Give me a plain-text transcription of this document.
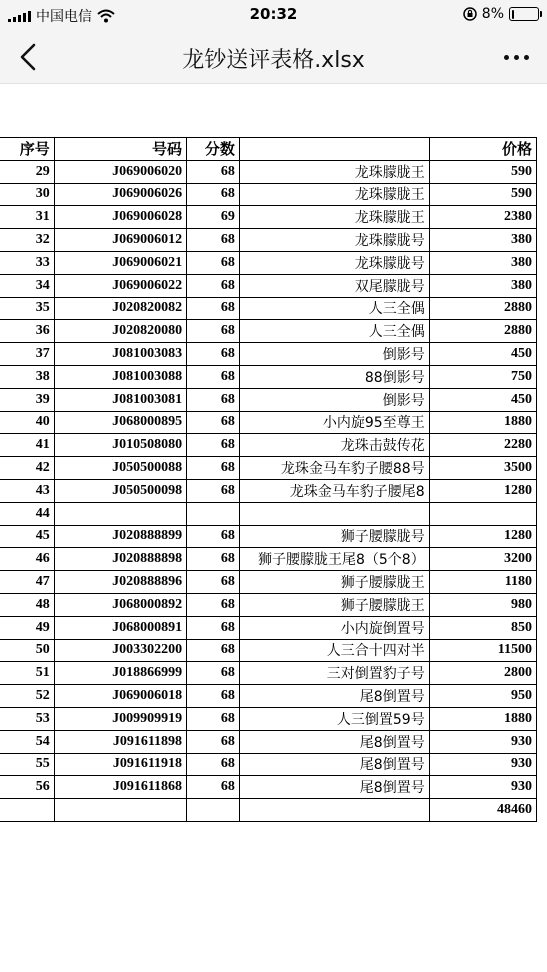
中国电信	20:32	8%
龙钞送评表格.xlsx
序号	号码	分数		价格
29	J069006020	68	龙珠朦胧王	590
30	J069006026	68	龙珠朦胧王	590
31	J069006028	69	龙珠朦胧王	2380
32	J069006012	68	龙珠朦胧号	380
33	J069006021	68	龙珠朦胧号	380
34	J069006022	68	双尾朦胧号	380
35	J020820082	68	人三全偶	2880
36	J020820080	68	人三全偶	2880
37	J081003083	68	倒影号	450
38	J081003088	68	88倒影号	750
39	J081003081	68	倒影号	450
40	J068000895	68	小内旋95至尊王	1880
41	J010508080	68	龙珠击鼓传花	2280
42	J050500088	68	龙珠金马车豹子腰88号	3500
43	J050500098	68	龙珠金马车豹子腰尾8	1280
44				
45	J020888899	68	狮子腰朦胧号	1280
46	J020888898	68	狮子腰朦胧王尾8（5个8）	3200
47	J020888896	68	狮子腰朦胧王	1180
48	J068000892	68	狮子腰朦胧王	980
49	J068000891	68	小内旋倒置号	850
50	J003302200	68	人三合十四对半	11500
51	J018866999	68	三对倒置豹子号	2800
52	J069006018	68	尾8倒置号	950
53	J009909919	68	人三倒置59号	1880
54	J091611898	68	尾8倒置号	930
55	J091611918	68	尾8倒置号	930
56	J091611868	68	尾8倒置号	930
				48460
